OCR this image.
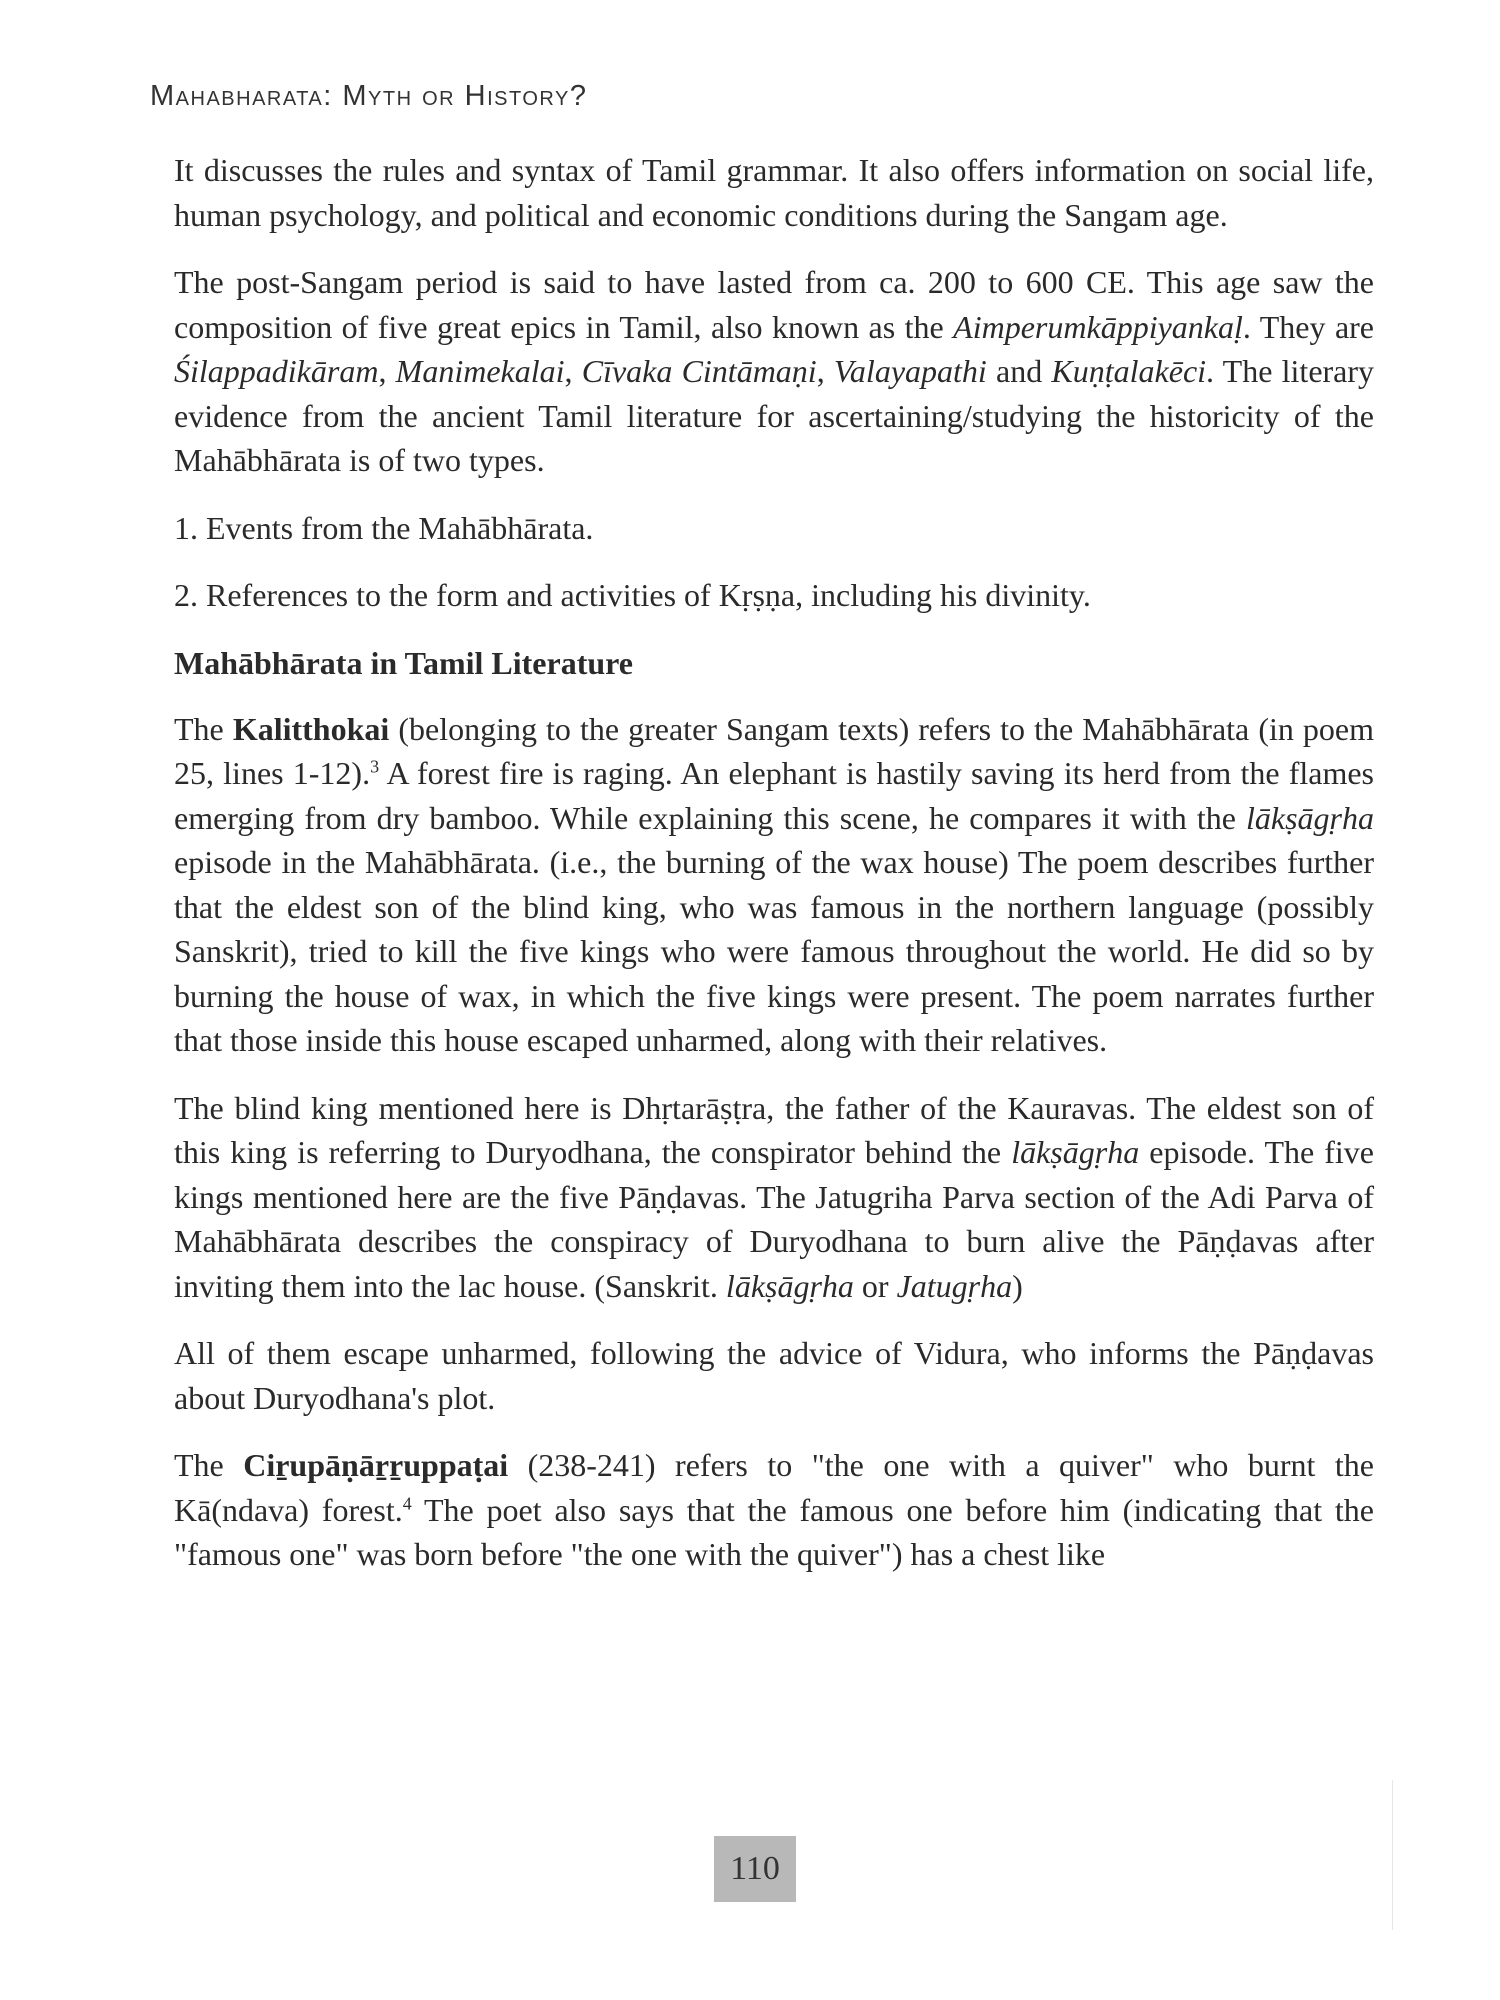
Mahabharata: Myth or History?

It discusses the rules and syntax of Tamil grammar. It also offers information on social life, human psychology, and political and economic conditions during the Sangam age.

The post-Sangam period is said to have lasted from ca. 200 to 600 CE. This age saw the composition of five great epics in Tamil, also known as the Aimperumkāppiyankaḷ. They are Śilappadikāram, Manimekalai, Cīvaka Cintāmaṇi, Valayapathi and Kuṇṭalakēci. The literary evidence from the ancient Tamil literature for ascertaining/studying the historicity of the Mahābhārata is of two types.

1. Events from the Mahābhārata.

2. References to the form and activities of Kṛṣṇa, including his divinity.

Mahābhārata in Tamil Literature

The Kalitthokai (belonging to the greater Sangam texts) refers to the Mahābhārata (in poem 25, lines 1-12).$^3$ A forest fire is raging. An elephant is hastily saving its herd from the flames emerging from dry bamboo. While explaining this scene, he compares it with the lākṣāgṛha episode in the Mahābhārata. (i.e., the burning of the wax house) The poem describes further that the eldest son of the blind king, who was famous in the northern language (possibly Sanskrit), tried to kill the five kings who were famous throughout the world. He did so by burning the house of wax, in which the five kings were present. The poem narrates further that those inside this house escaped unharmed, along with their relatives.

The blind king mentioned here is Dhṛtarāṣṭra, the father of the Kauravas. The eldest son of this king is referring to Duryodhana, the conspirator behind the lākṣāgṛha episode. The five kings mentioned here are the five Pāṇḍavas. The Jatugriha Parva section of the Adi Parva of Mahābhārata describes the conspiracy of Duryodhana to burn alive the Pāṇḍavas after inviting them into the lac house. (Sanskrit. lākṣāgṛha or Jatugṛha)

All of them escape unharmed, following the advice of Vidura, who informs the Pāṇḍavas about Duryodhana's plot.

The Ciṟupāṇāṟṟuppaṭai (238-241) refers to "the one with a quiver" who burnt the Kā(ndava) forest.$^4$ The poet also says that the famous one before him (indicating that the "famous one" was born before "the one with the quiver") has a chest like

110
